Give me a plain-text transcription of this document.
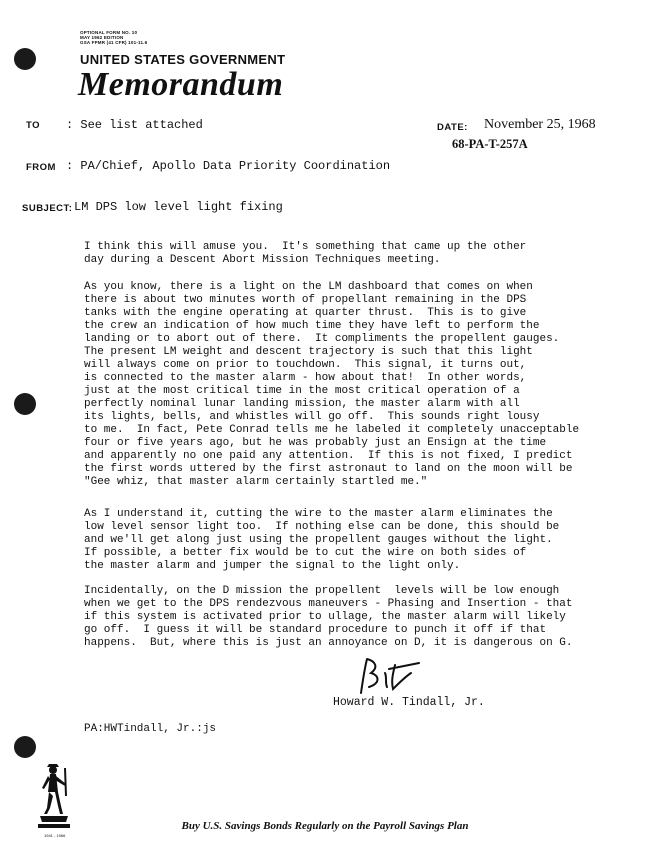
OPTIONAL FORM NO. 10
MAY 1962 EDITION
GSA FPMR (41 CFR) 101-11.6
UNITED STATES GOVERNMENT
Memorandum
TO : See list attached	DATE: November 25, 1968
68-PA-T-257A
FROM : PA/Chief, Apollo Data Priority Coordination
SUBJECT: LM DPS low level light fixing
I think this will amuse you.  It's something that came up the other
day during a Descent Abort Mission Techniques meeting.
As you know, there is a light on the LM dashboard that comes on when
there is about two minutes worth of propellant remaining in the DPS
tanks with the engine operating at quarter thrust.  This is to give
the crew an indication of how much time they have left to perform the
landing or to abort out of there.  It compliments the propellent gauges.
The present LM weight and descent trajectory is such that this light
will always come on prior to touchdown.  This signal, it turns out,
is connected to the master alarm - how about that!  In other words,
just at the most critical time in the most critical operation of a
perfectly nominal lunar landing mission, the master alarm with all
its lights, bells, and whistles will go off.  This sounds right lousy
to me.  In fact, Pete Conrad tells me he labeled it completely unacceptable
four or five years ago, but he was probably just an Ensign at the time
and apparently no one paid any attention.  If this is not fixed, I predict
the first words uttered by the first astronaut to land on the moon will be
"Gee whiz, that master alarm certainly startled me."
As I understand it, cutting the wire to the master alarm eliminates the
low level sensor light too.  If nothing else can be done, this should be
and we'll get along just using the propellent gauges without the light.
If possible, a better fix would be to cut the wire on both sides of
the master alarm and jumper the signal to the light only.
Incidentally, on the D mission the propellent  levels will be low enough
when we get to the DPS rendezvous maneuvers - Phasing and Insertion - that
if this system is activated prior to ullage, the master alarm will likely
go off.  I guess it will be standard procedure to punch it off if that
happens.  But, where this is just an annoyance on D, it is dangerous on G.
Howard W. Tindall, Jr.
PA:HWTindall, Jr.:js
1941 - 1966
Buy U.S. Savings Bonds Regularly on the Payroll Savings Plan
